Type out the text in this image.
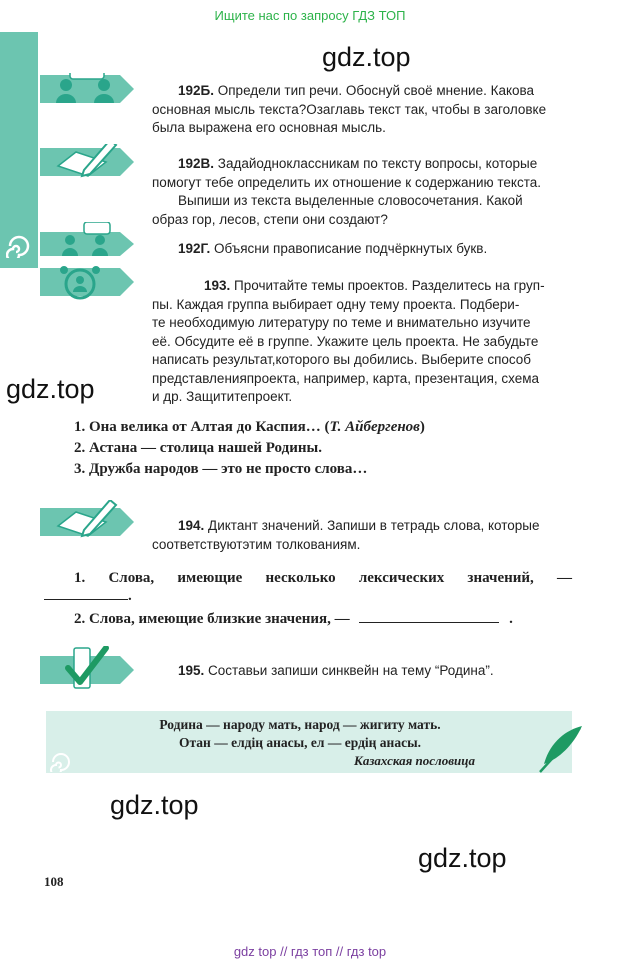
Ищите нас по запросу ГДЗ ТОП
gdz.top
gdz.top
gdz.top
gdz.top

192Б. Определи тип речи. Обоснуй своё мнение. Какова
основная мысль текста?Озаглавь текст так, чтобы в заголовке
была выражена его основная мысль.
192В. Задайодноклассникам по тексту вопросы, которые
помогут тебе определить их отношение к содержанию текста.
Выпиши из текста выделенные словосочетания. Какой
образ гор, лесов, степи они создают?
192Г. Объясни правописание подчёркнутых букв.
193. Прочитайте темы проектов. Разделитесь на груп-
пы. Каждая группа выбирает одну тему проекта. Подбери-
те необходимую литературу по теме и внимательно изучите
её. Обсудите её в группе. Укажите цель проекта. Не забудьте
написать результат,которого вы добились. Выберите способ
представленияпроекта, например, карта, презентация, схема
и др. Защититепроект.
1. Она велика от Алтая до Каспия… (Т. Айбергенов)
2. Астана — столица нашей Родины.
3. Дружба народов — это не просто слова…
194. Диктант значений. Запиши в тетрадь слова, которые
соответствуютэтим толкованиям.
1. Слова, имеющие несколько лексических значений, —
.
2. Слова, имеющие близкие значения, —	.
195. Составьи запиши синквейн на тему “Родина”.
Родина — народу мать, народ — жигиту мать.
Отан — елдің анасы, ел — ердің анасы.
Казахская пословица
108
gdz top // гдз топ // гдз top
